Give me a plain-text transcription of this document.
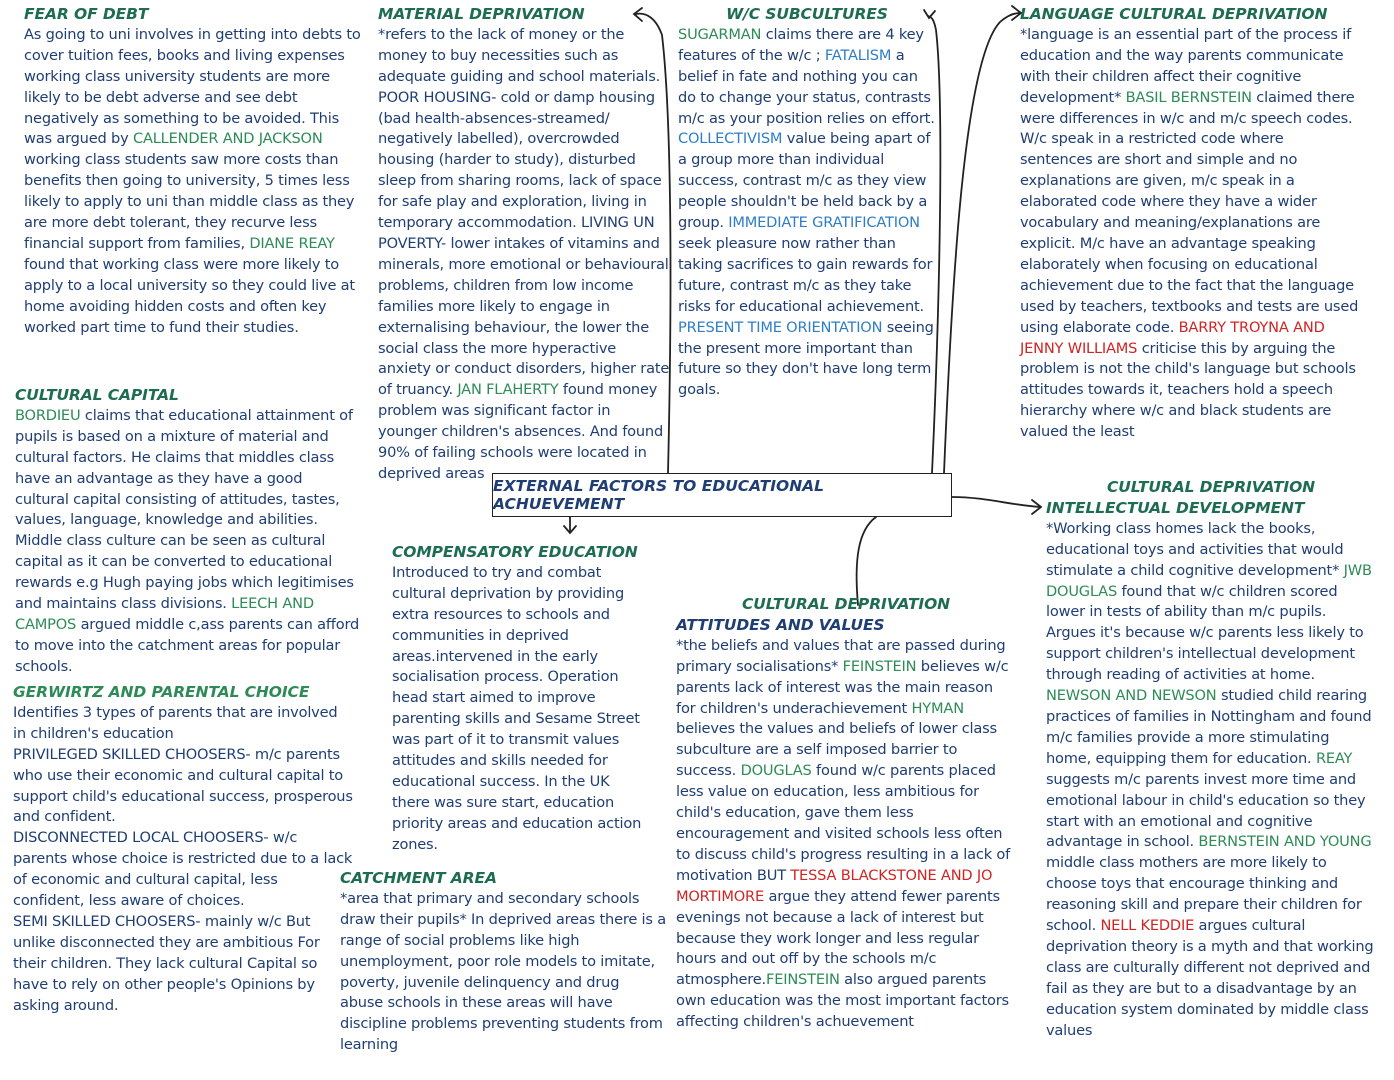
EXTERNAL FACTORS TO EDUCATIONAL ACHUEVEMENT
FEAR OF DEBT

As going to uni involves in getting into debts to cover tuition fees, books and living expenses working class university students are more likely to be debt adverse and see debt negatively as something to be avoided. This was argued by CALLENDER AND JACKSON working class students saw more costs than benefits then going to university, 5 times less likely to apply to uni than middle class as they are more debt tolerant, they recurve less financial support from families, DIANE REAY found that working class were more likely to apply to a local university so they could live at home avoiding hidden costs and often key worked part time to fund their studies.

CULTURAL CAPITAL

BORDIEU claims that educational attainment of pupils is based on a mixture of material and cultural factors. He claims that middles class have an advantage as they have a good cultural capital consisting of attitudes, tastes, values, language, knowledge and abilities. Middle class culture can be seen as cultural capital as it can be converted to educational rewards e.g Hugh paying jobs which legitimises and maintains class divisions. LEECH AND CAMPOS argued middle c,ass parents can afford to move into the catchment areas for popular schools.

GERWIRTZ AND PARENTAL CHOICE

Identifies 3 types of parents that are involved in children's education

PRIVILEGED SKILLED CHOOSERS- m/c parents who use their economic and cultural capital to support child's educational success, prosperous and confident.

DISCONNECTED LOCAL CHOOSERS- w/c parents whose choice is restricted due to a lack of economic and cultural capital, less confident, less aware of choices.

SEMI SKILLED CHOOSERS- mainly w/c But unlike disconnected they are ambitious For their children. They lack cultural Capital so have to rely on other people's Opinions by asking around.

MATERIAL DEPRIVATION

*refers to the lack of money or the money to buy necessities such as adequate guiding and school materials. POOR HOUSING- cold or damp housing (bad health-absences-streamed/ negatively labelled), overcrowded housing (harder to study), disturbed sleep from sharing rooms, lack of space for safe play and exploration, living in temporary accommodation. LIVING UN POVERTY- lower intakes of vitamins and minerals, more emotional or behavioural problems, children from low income families more likely to engage in externalising behaviour, the lower the social class the more hyperactive anxiety or conduct disorders, higher rate of truancy. JAN FLAHERTY found money problem was significant factor in younger children's absences. And found 90% of failing schools were located in deprived areas

W/C SUBCULTURES

SUGARMAN claims there are 4 key features of the w/c ; FATALISM a belief in fate and nothing you can do to change your status, contrasts m/c as your position relies on effort. COLLECTIVISM value being apart of a group more than individual success, contrast m/c as they view people shouldn't be held back by a group. IMMEDIATE GRATIFICATION seek pleasure now rather than taking sacrifices to gain rewards for future, contrast m/c as they take risks for educational achievement. PRESENT TIME ORIENTATION seeing the present more important than future so they don't have long term goals.

LANGUAGE CULTURAL DEPRIVATION

*language is an essential part of the process if education and the way parents communicate with their children affect their cognitive development* BASIL BERNSTEIN claimed there were differences in w/c and m/c speech codes. W/c speak in a restricted code where sentences are short and simple and no explanations are given, m/c speak in a elaborated code where they have a wider vocabulary and meaning/explanations are explicit. M/c have an advantage speaking elaborately when focusing on educational achievement due to the fact that the language used by teachers, textbooks and tests are used using elaborate code. BARRY TROYNA AND JENNY WILLIAMS criticise this by arguing the problem is not the child's language but schools attitudes towards it, teachers hold a speech hierarchy where w/c and black students are valued the least

COMPENSATORY EDUCATION

Introduced to try and combat cultural deprivation by providing extra resources to schools and communities in deprived areas.intervened in the early socialisation process. Operation head start aimed to improve parenting skills and Sesame Street was part of it to transmit values attitudes and skills needed for educational success. In the UK there was sure start, education priority areas and education action zones.

CATCHMENT AREA

*area that primary and secondary schools draw their pupils* In deprived areas there is a range of social problems like high unemployment, poor role models to imitate, poverty, juvenile delinquency and drug abuse schools in these areas will have discipline problems preventing students from learning

CULTURAL DEPRIVATION
ATTITUDES AND VALUES

*the beliefs and values that are passed during primary socialisations* FEINSTEIN believes w/c parents lack of interest was the main reason for children's underachievement HYMAN believes the values and beliefs of lower class subculture are a self imposed barrier to success. DOUGLAS found w/c parents placed less value on education, less ambitious for child's education, gave them less encouragement and visited schools less often to discuss child's progress resulting in a lack of motivation BUT TESSA BLACKSTONE AND JO MORTIMORE argue they attend fewer parents evenings not because a lack of interest but because they work longer and less regular hours and out off by the schools m/c atmosphere.FEINSTEIN also argued parents own education was the most important factors affecting children's achuevement

CULTURAL DEPRIVATION
INTELLECTUAL DEVELOPMENT

*Working class homes lack the books, educational toys and activities that would stimulate a child cognitive development* JWB DOUGLAS found that w/c children scored lower in tests of ability than m/c pupils. Argues it's because w/c parents less likely to support children's intellectual development through reading of activities at home. NEWSON AND NEWSON studied child rearing practices of families in Nottingham and found m/c families provide a more stimulating home, equipping them for education. REAY suggests m/c parents invest more time and emotional labour in child's education so they start with an emotional and cognitive advantage in school. BERNSTEIN AND YOUNG middle class mothers are more likely to choose toys that encourage thinking and reasoning skill and prepare their children for school. NELL KEDDIE argues cultural deprivation theory is a myth and that working class are culturally different not deprived and fail as they are but to a disadvantage by an education system dominated by middle class values
